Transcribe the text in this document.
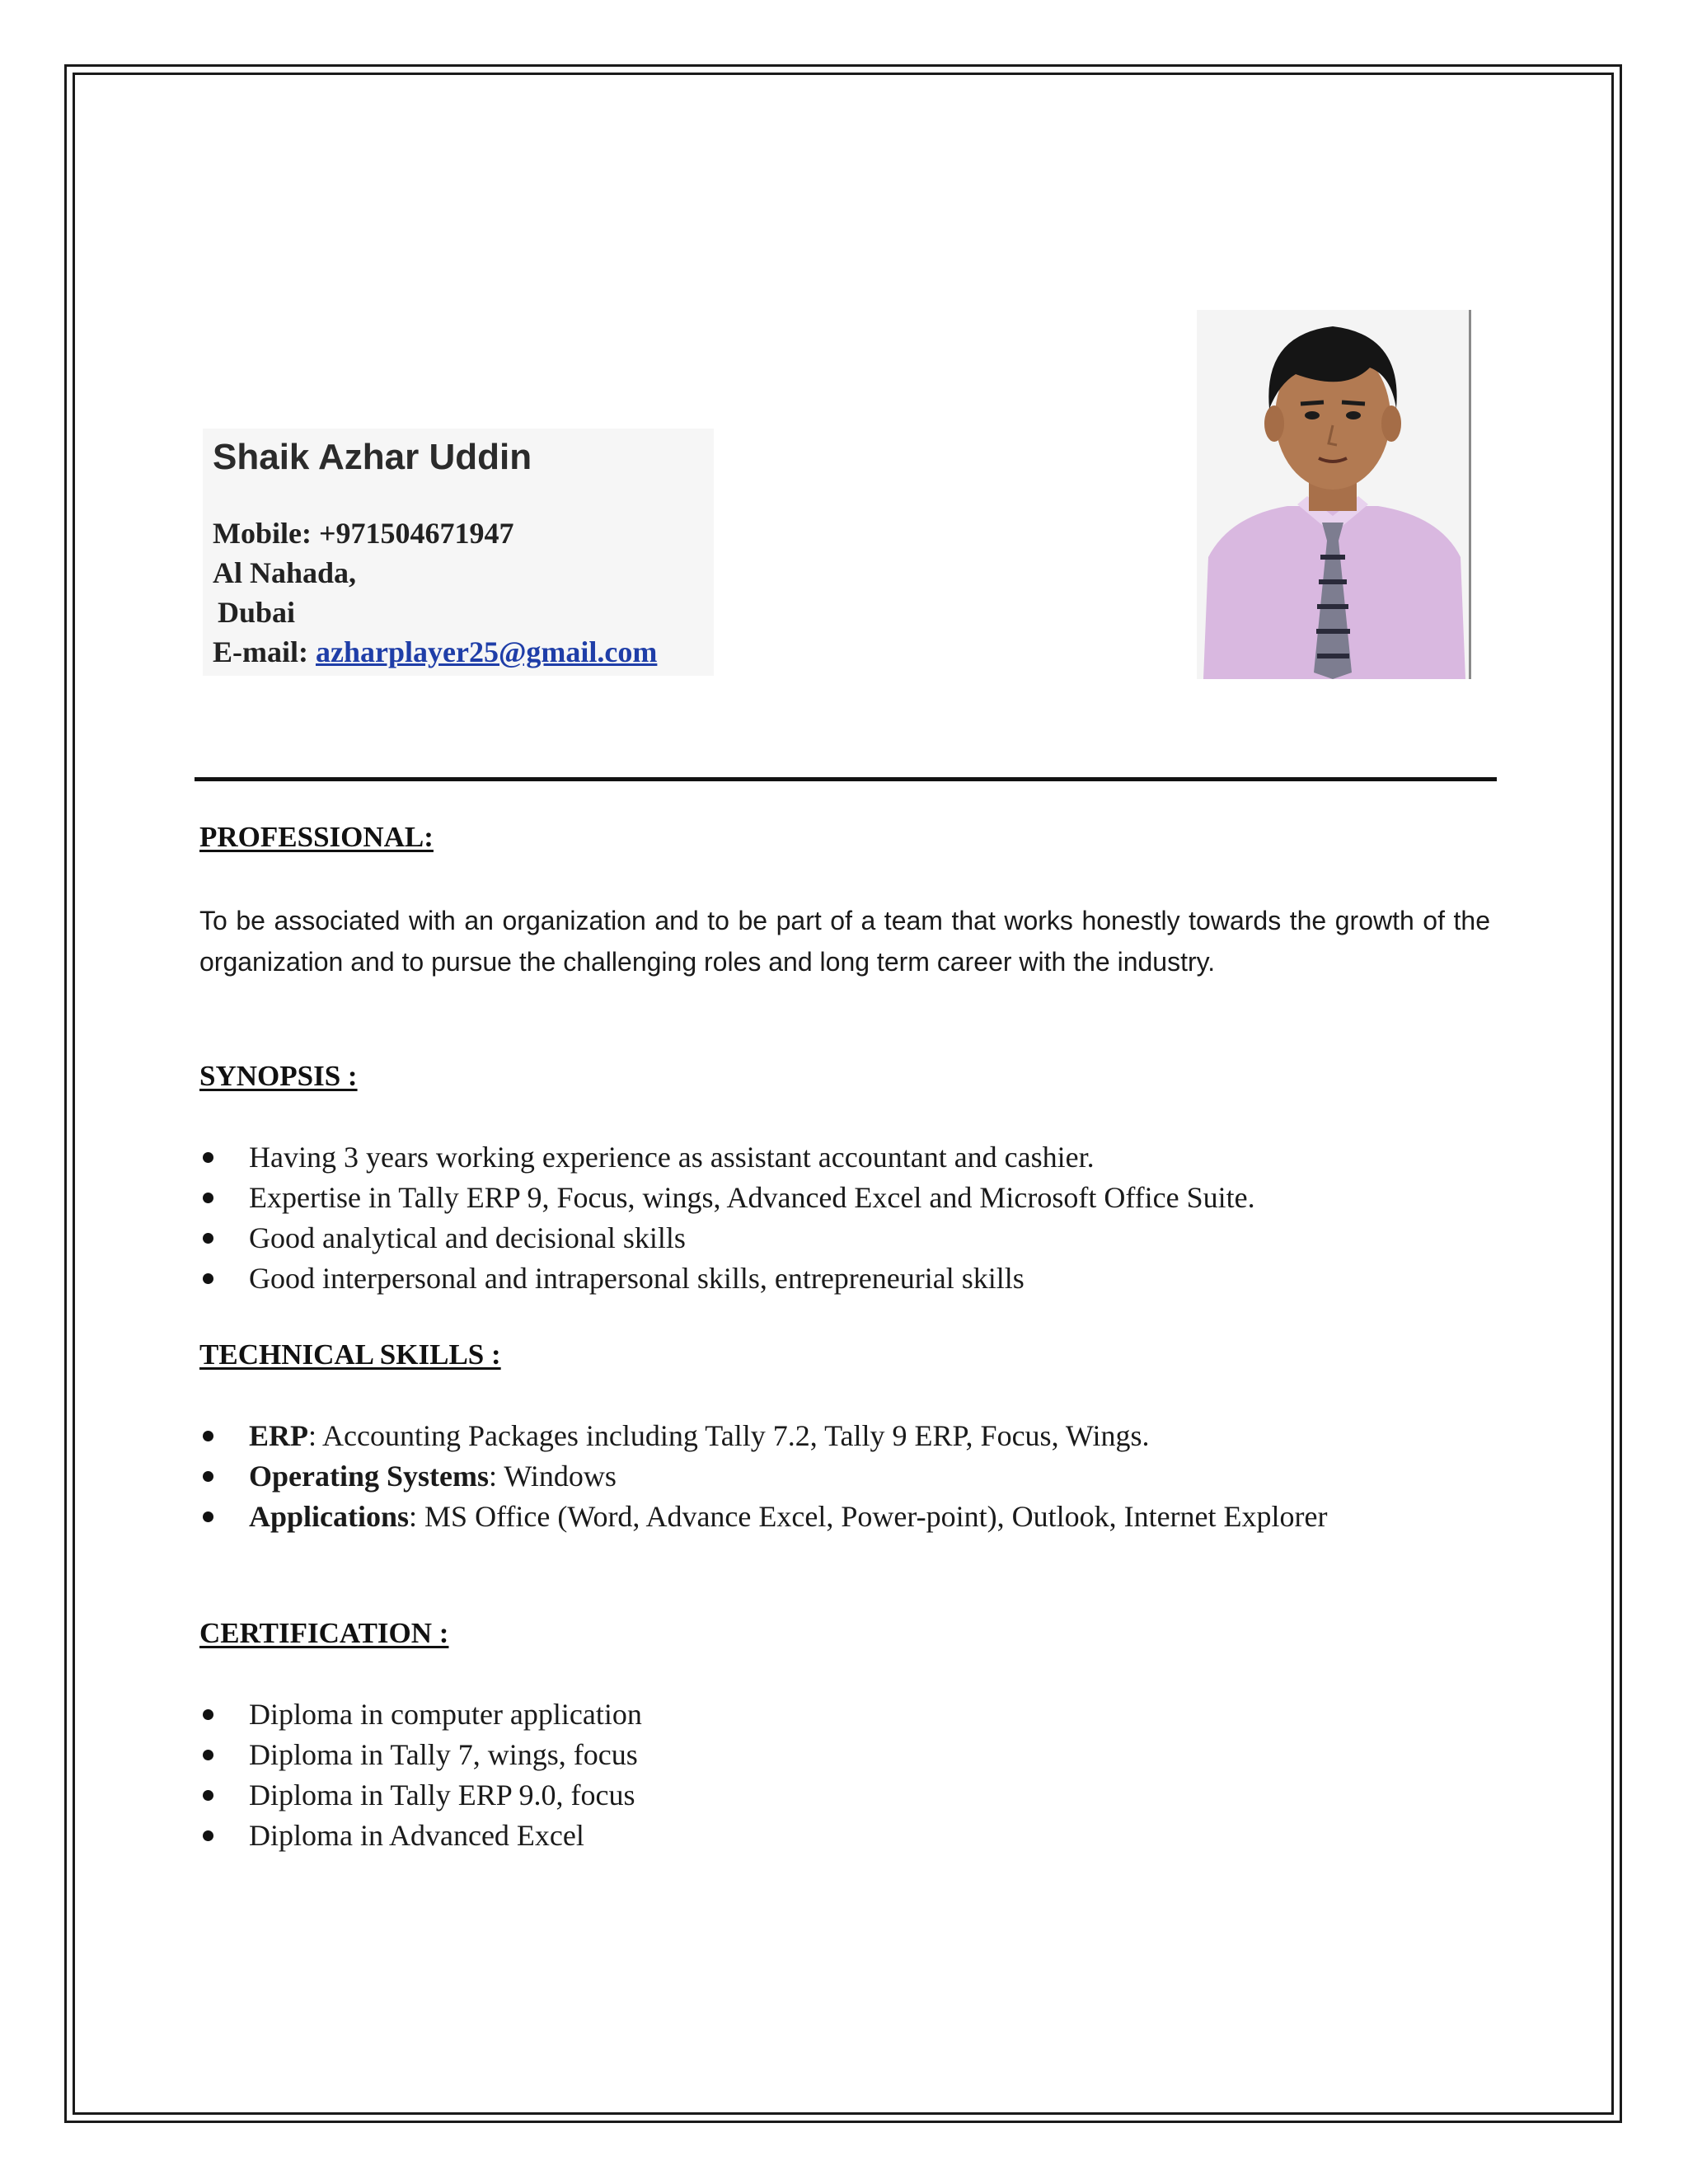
Shaik Azhar Uddin
Mobile: +971504671947
Al Nahada,
Dubai
E-mail: azharplayer25@gmail.com
PROFESSIONAL:
To be associated with an organization and to be part of a team that works honestly towards the growth of the organization and to pursue the challenging roles and long term career with the industry.
SYNOPSIS :
Having 3 years working experience as assistant accountant and cashier.
Expertise in Tally ERP 9, Focus, wings, Advanced Excel and Microsoft Office Suite.
Good analytical and decisional skills
Good interpersonal and intrapersonal skills, entrepreneurial skills
TECHNICAL SKILLS :
ERP: Accounting Packages including Tally 7.2, Tally 9 ERP, Focus, Wings.
Operating Systems: Windows
Applications: MS Office (Word, Advance Excel, Power-point), Outlook, Internet Explorer
CERTIFICATION :
Diploma in computer application
Diploma in Tally 7, wings, focus
Diploma in Tally ERP 9.0, focus
Diploma in Advanced Excel
